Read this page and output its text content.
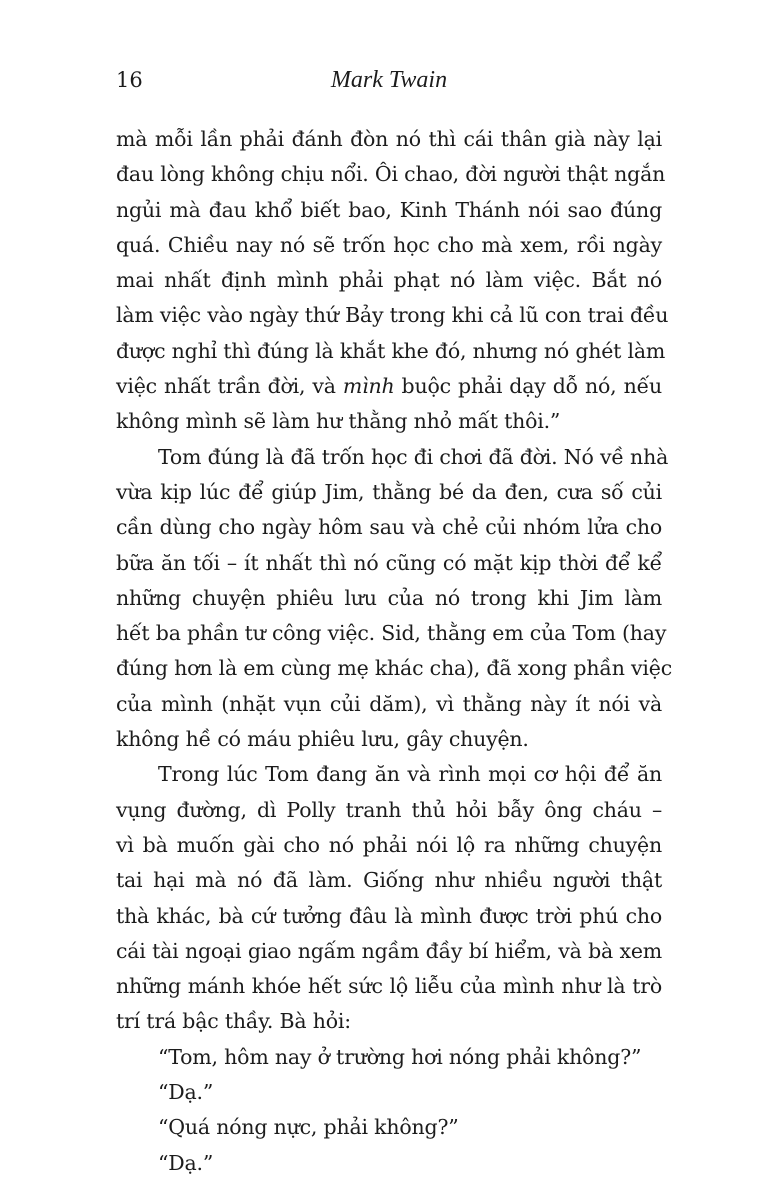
16	Mark Twain
mà mỗi lần phải đánh đòn nó thì cái thân già này lại
đau lòng không chịu nổi. Ôi chao, đời người thật ngắn
ngủi mà đau khổ biết bao, Kinh Thánh nói sao đúng
quá. Chiều nay nó sẽ trốn học cho mà xem, rồi ngày
mai nhất định mình phải phạt nó làm việc. Bắt nó
làm việc vào ngày thứ Bảy trong khi cả lũ con trai đều
được nghỉ thì đúng là khắt khe đó, nhưng nó ghét làm
việc nhất trần đời, và mình buộc phải dạy dỗ nó, nếu
không mình sẽ làm hư thằng nhỏ mất thôi.”
Tom đúng là đã trốn học đi chơi đã đời. Nó về nhà
vừa kịp lúc để giúp Jim, thằng bé da đen, cưa số củi
cần dùng cho ngày hôm sau và chẻ củi nhóm lửa cho
bữa ăn tối – ít nhất thì nó cũng có mặt kịp thời để kể
những chuyện phiêu lưu của nó trong khi Jim làm
hết ba phần tư công việc. Sid, thằng em của Tom (hay
đúng hơn là em cùng mẹ khác cha), đã xong phần việc
của mình (nhặt vụn củi dăm), vì thằng này ít nói và
không hề có máu phiêu lưu, gây chuyện.
Trong lúc Tom đang ăn và rình mọi cơ hội để ăn
vụng đường, dì Polly tranh thủ hỏi bẫy ông cháu –
vì bà muốn gài cho nó phải nói lộ ra những chuyện
tai hại mà nó đã làm. Giống như nhiều người thật
thà khác, bà cứ tưởng đâu là mình được trời phú cho
cái tài ngoại giao ngấm ngầm đầy bí hiểm, và bà xem
những mánh khóe hết sức lộ liễu của mình như là trò
trí trá bậc thầy. Bà hỏi:
“Tom, hôm nay ở trường hơi nóng phải không?”
“Dạ.”
“Quá nóng nực, phải không?”
“Dạ.”
